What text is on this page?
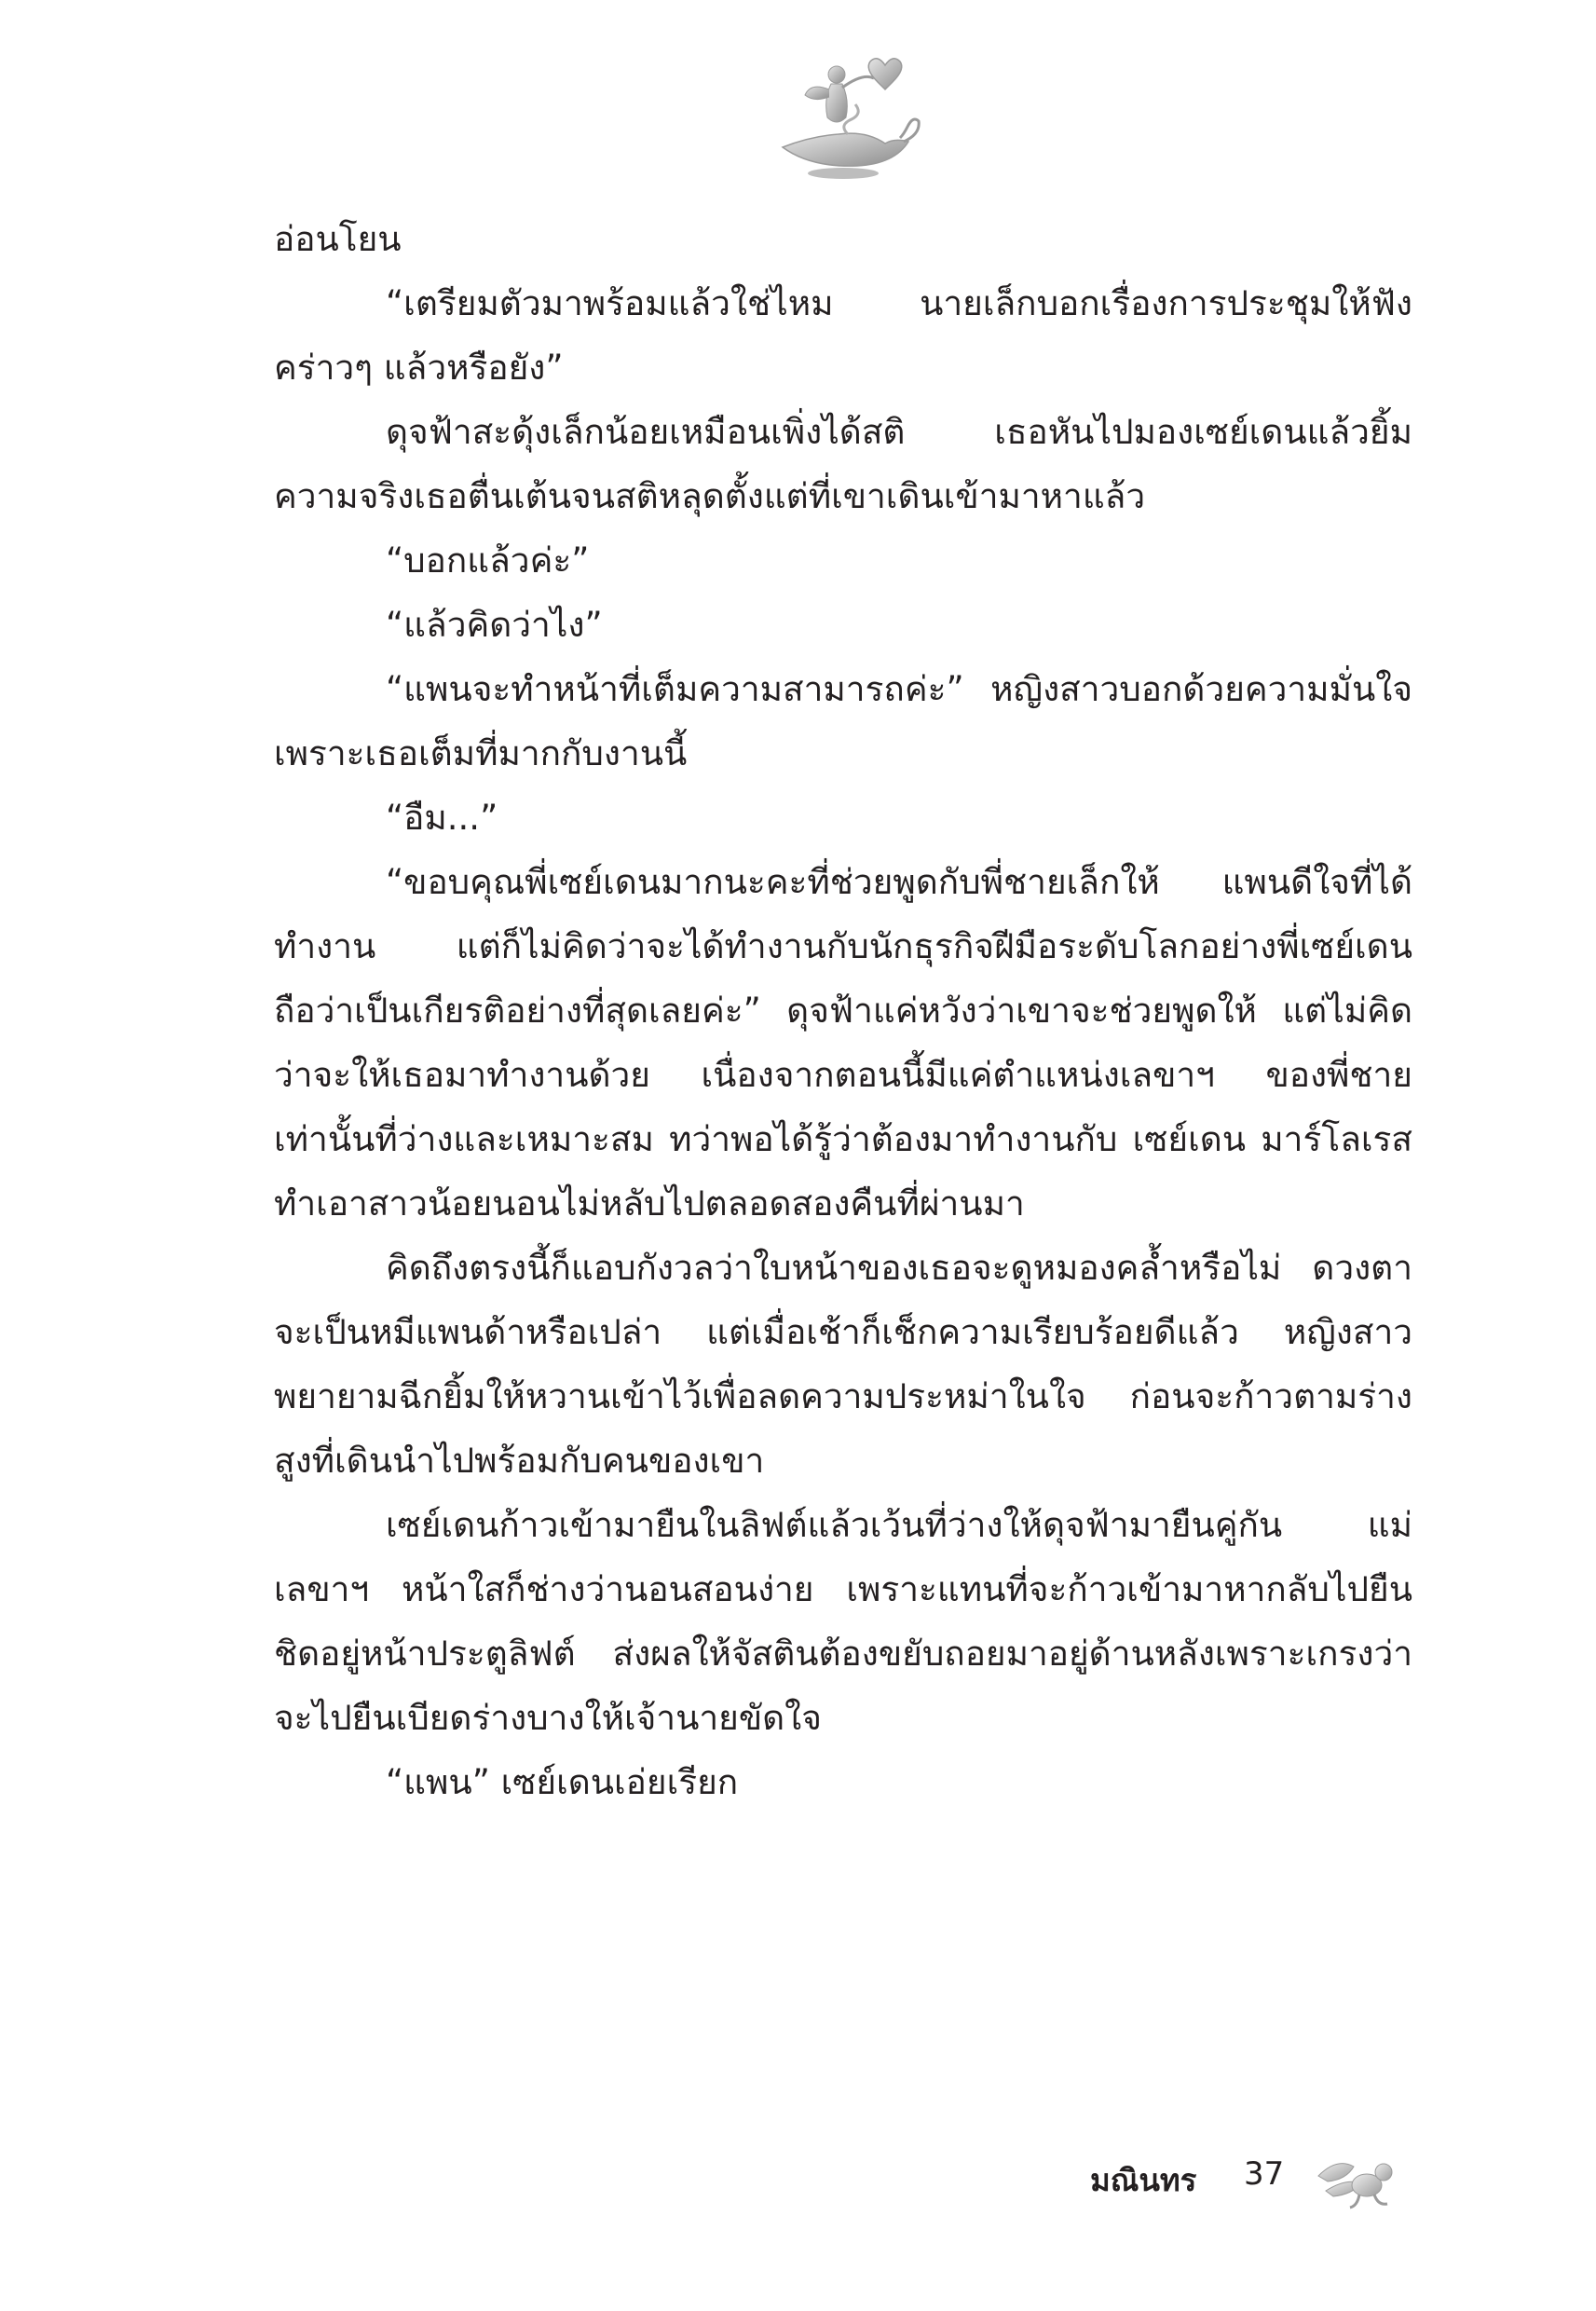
อ่อนโยน

“เตรียมตัวมาพร้อมแล้วใช่ไหม นายเล็กบอกเรื่องการประชุมให้ฟังคร่าวๆ แล้วหรือยัง”

ดุจฟ้าสะดุ้งเล็กน้อยเหมือนเพิ่งได้สติ เธอหันไปมองเซย์เดนแล้วยิ้ม ความจริงเธอตื่นเต้นจนสติหลุดตั้งแต่ที่เขาเดินเข้ามาหาแล้ว

“บอกแล้วค่ะ”

“แล้วคิดว่าไง”

“แพนจะทำหน้าที่เต็มความสามารถค่ะ” หญิงสาวบอกด้วยความมั่นใจ เพราะเธอเต็มที่มากกับงานนี้

“อืม...”

“ขอบคุณพี่เซย์เดนมากนะคะที่ช่วยพูดกับพี่ชายเล็กให้ แพนดีใจที่ได้ทำงาน แต่ก็ไม่คิดว่าจะได้ทำงานกับนักธุรกิจฝีมือระดับโลกอย่างพี่เซย์เดน ถือว่าเป็นเกียรติอย่างที่สุดเลยค่ะ” ดุจฟ้าแค่หวังว่าเขาจะช่วยพูดให้ แต่ไม่คิดว่าจะให้เธอมาทำงานด้วย เนื่องจากตอนนี้มีแค่ตำแหน่งเลขาฯ ของพี่ชายเท่านั้นที่ว่างและเหมาะสม ทว่าพอได้รู้ว่าต้องมาทำงานกับ เซย์เดน มาร์โลเรส ทำเอาสาวน้อยนอนไม่หลับไปตลอดสองคืนที่ผ่านมา

คิดถึงตรงนี้ก็แอบกังวลว่าใบหน้าของเธอจะดูหมองคล้ำหรือไม่ ดวงตาจะเป็นหมีแพนด้าหรือเปล่า แต่เมื่อเช้าก็เช็กความเรียบร้อยดีแล้ว หญิงสาวพยายามฉีกยิ้มให้หวานเข้าไว้เพื่อลดความประหม่าในใจ ก่อนจะก้าวตามร่างสูงที่เดินนำไปพร้อมกับคนของเขา

เซย์เดนก้าวเข้ามายืนในลิฟต์แล้วเว้นที่ว่างให้ดุจฟ้ามายืนคู่กัน แม่เลขาฯ หน้าใสก็ช่างว่านอนสอนง่าย เพราะแทนที่จะก้าวเข้ามาหากลับไปยืนชิดอยู่หน้าประตูลิฟต์ ส่งผลให้จัสตินต้องขยับถอยมาอยู่ด้านหลังเพราะเกรงว่าจะไปยืนเบียดร่างบางให้เจ้านายขัดใจ

“แพน” เซย์เดนเอ่ยเรียก

มณินทร 37
